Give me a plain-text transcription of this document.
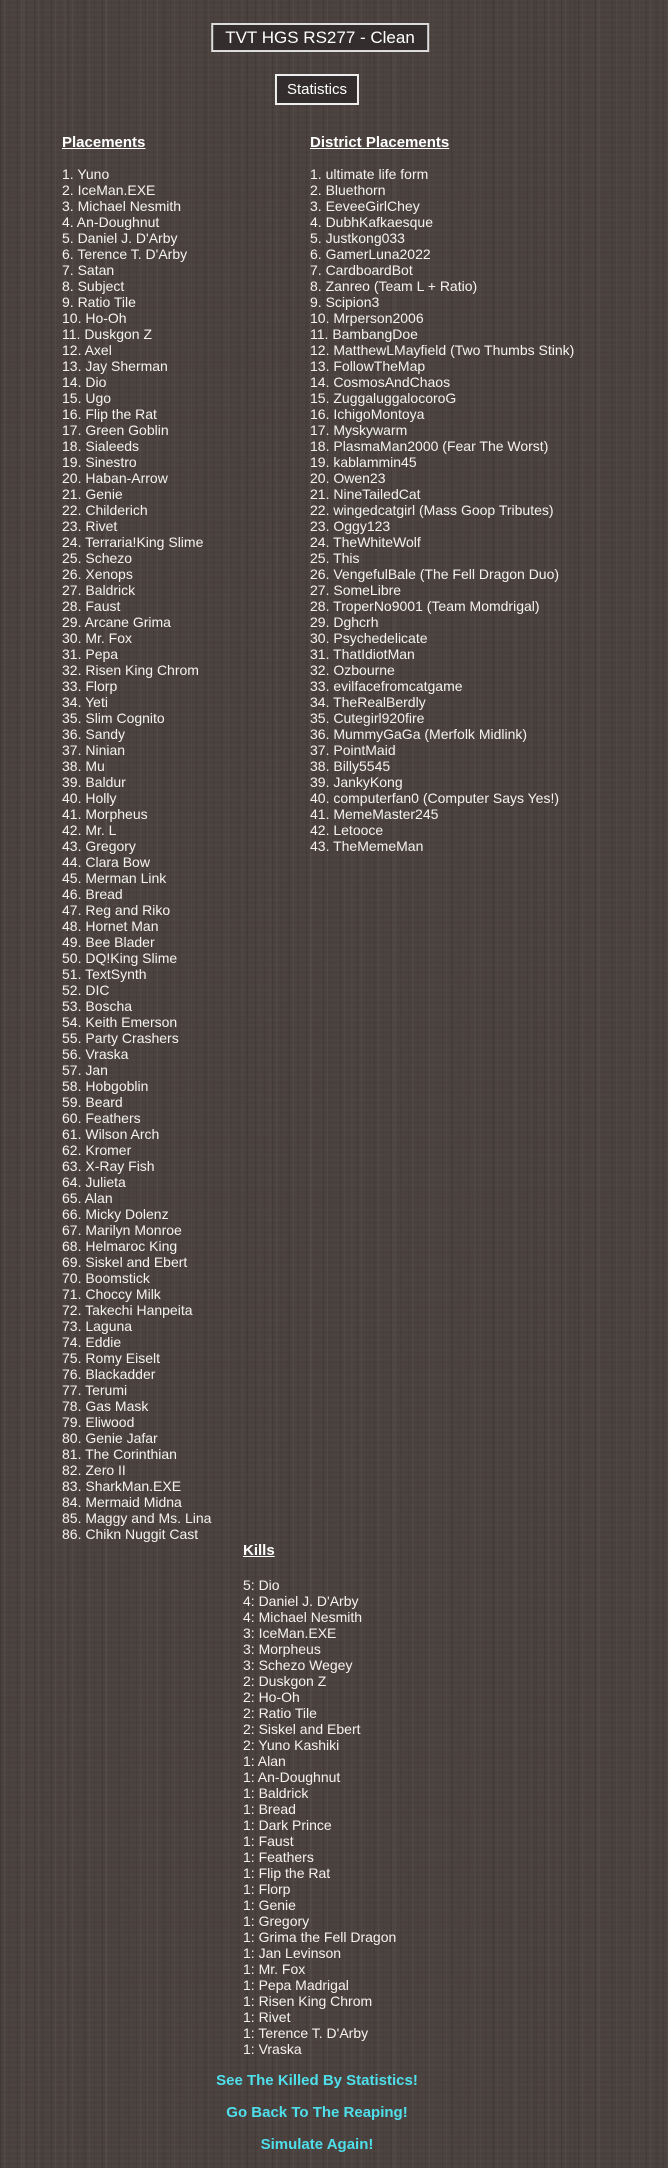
TVT HGS RS277 - Clean
Statistics
Placements	District Placements
1. Yuno
2. IceMan.EXE
3. Michael Nesmith
4. An-Doughnut
5. Daniel J. D'Arby
6. Terence T. D'Arby
7. Satan
8. Subject
9. Ratio Tile
10. Ho-Oh
11. Duskgon Z
12. Axel
13. Jay Sherman
14. Dio
15. Ugo
16. Flip the Rat
17. Green Goblin
18. Sialeeds
19. Sinestro
20. Haban-Arrow
21. Genie
22. Childerich
23. Rivet
24. Terraria!King Slime
25. Schezo
26. Xenops
27. Baldrick
28. Faust
29. Arcane Grima
30. Mr. Fox
31. Pepa
32. Risen King Chrom
33. Florp
34. Yeti
35. Slim Cognito
36. Sandy
37. Ninian
38. Mu
39. Baldur
40. Holly
41. Morpheus
42. Mr. L
43. Gregory
44. Clara Bow
45. Merman Link
46. Bread
47. Reg and Riko
48. Hornet Man
49. Bee Blader
50. DQ!King Slime
51. TextSynth
52. DIC
53. Boscha
54. Keith Emerson
55. Party Crashers
56. Vraska
57. Jan
58. Hobgoblin
59. Beard
60. Feathers
61. Wilson Arch
62. Kromer
63. X-Ray Fish
64. Julieta
65. Alan
66. Micky Dolenz
67. Marilyn Monroe
68. Helmaroc King
69. Siskel and Ebert
70. Boomstick
71. Choccy Milk
72. Takechi Hanpeita
73. Laguna
74. Eddie
75. Romy Eiselt
76. Blackadder
77. Terumi
78. Gas Mask
79. Eliwood
80. Genie Jafar
81. The Corinthian
82. Zero II
83. SharkMan.EXE
84. Mermaid Midna
85. Maggy and Ms. Lina
86. Chikn Nuggit Cast
1. ultimate life form
2. Bluethorn
3. EeveeGirlChey
4. DubhKafkaesque
5. Justkong033
6. GamerLuna2022
7. CardboardBot
8. Zanreo (Team L + Ratio)
9. Scipion3
10. Mrperson2006
11. BambangDoe
12. MatthewLMayfield (Two Thumbs Stink)
13. FollowTheMap
14. CosmosAndChaos
15. ZuggaluggalocoroG
16. IchigoMontoya
17. Myskywarm
18. PlasmaMan2000 (Fear The Worst)
19. kablammin45
20. Owen23
21. NineTailedCat
22. wingedcatgirl (Mass Goop Tributes)
23. Oggy123
24. TheWhiteWolf
25. This
26. VengefulBale (The Fell Dragon Duo)
27. SomeLibre
28. TroperNo9001 (Team Momdrigal)
29. Dghcrh
30. Psychedelicate
31. ThatIdiotMan
32. Ozbourne
33. evilfacefromcatgame
34. TheRealBerdly
35. Cutegirl920fire
36. MummyGaGa (Merfolk Midlink)
37. PointMaid
38. Billy5545
39. JankyKong
40. computerfan0 (Computer Says Yes!)
41. MemeMaster245
42. Letooce
43. TheMemeMan
Kills
5: Dio
4: Daniel J. D'Arby
4: Michael Nesmith
3: IceMan.EXE
3: Morpheus
3: Schezo Wegey
2: Duskgon Z
2: Ho-Oh
2: Ratio Tile
2: Siskel and Ebert
2: Yuno Kashiki
1: Alan
1: An-Doughnut
1: Baldrick
1: Bread
1: Dark Prince
1: Faust
1: Feathers
1: Flip the Rat
1: Florp
1: Genie
1: Gregory
1: Grima the Fell Dragon
1: Jan Levinson
1: Mr. Fox
1: Pepa Madrigal
1: Risen King Chrom
1: Rivet
1: Terence T. D'Arby
1: Vraska
See The Killed By Statistics!
Go Back To The Reaping!
Simulate Again!
